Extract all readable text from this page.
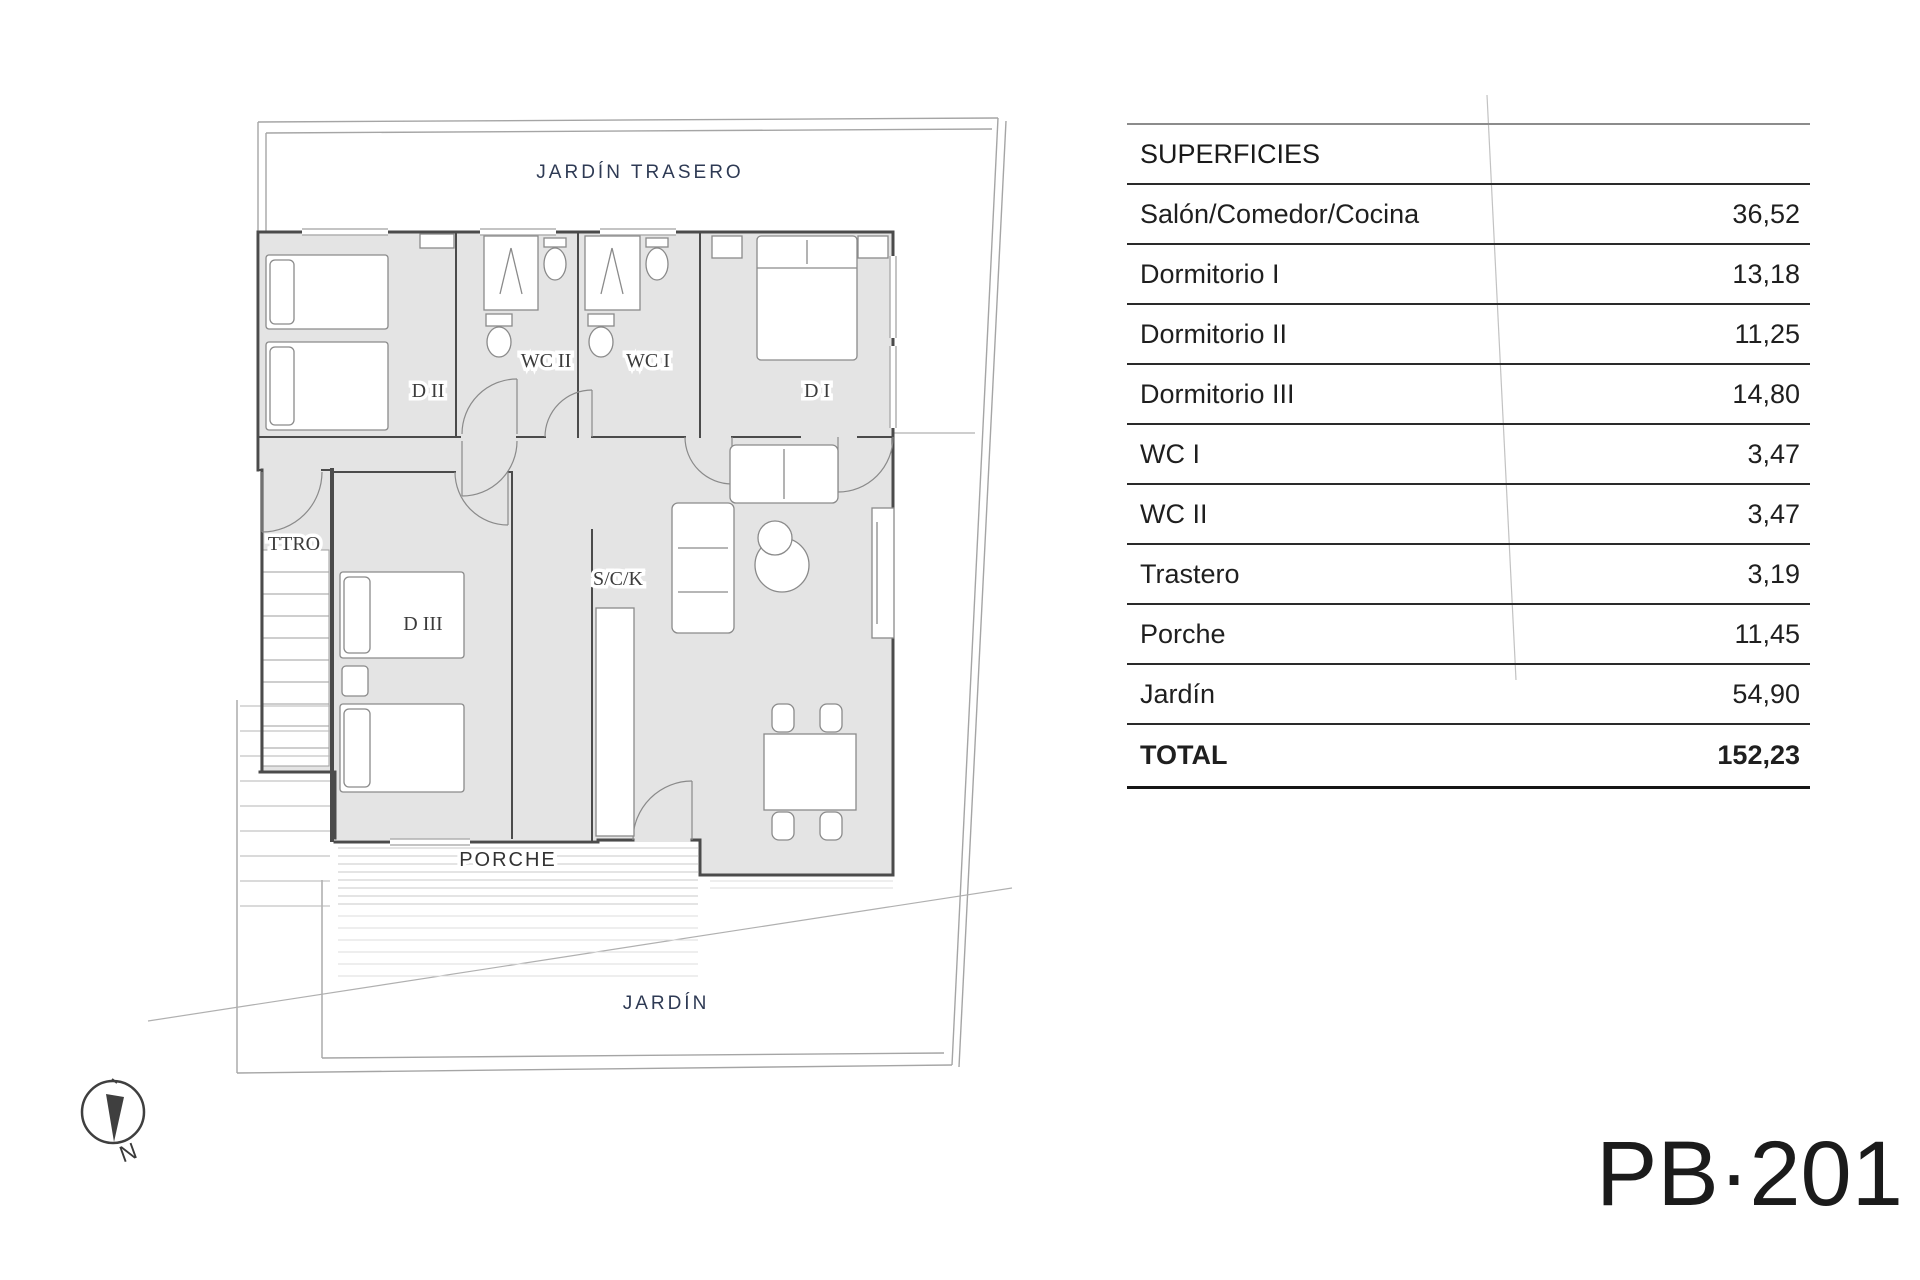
JARDÍN TRASERO
JARDÍN
D II
WC II	WC I
D I
TTRO
D III
S/C/K
PORCHE
N
SUPERFICIES
Salón/Comedor/Cocina	36,52
Dormitorio I	13,18
Dormitorio II	11,25
Dormitorio III	14,80
WC I	3,47
WC II	3,47
Trastero	3,19
Porche	11,45
Jardín	54,90
TOTAL	152,23
PB·201
